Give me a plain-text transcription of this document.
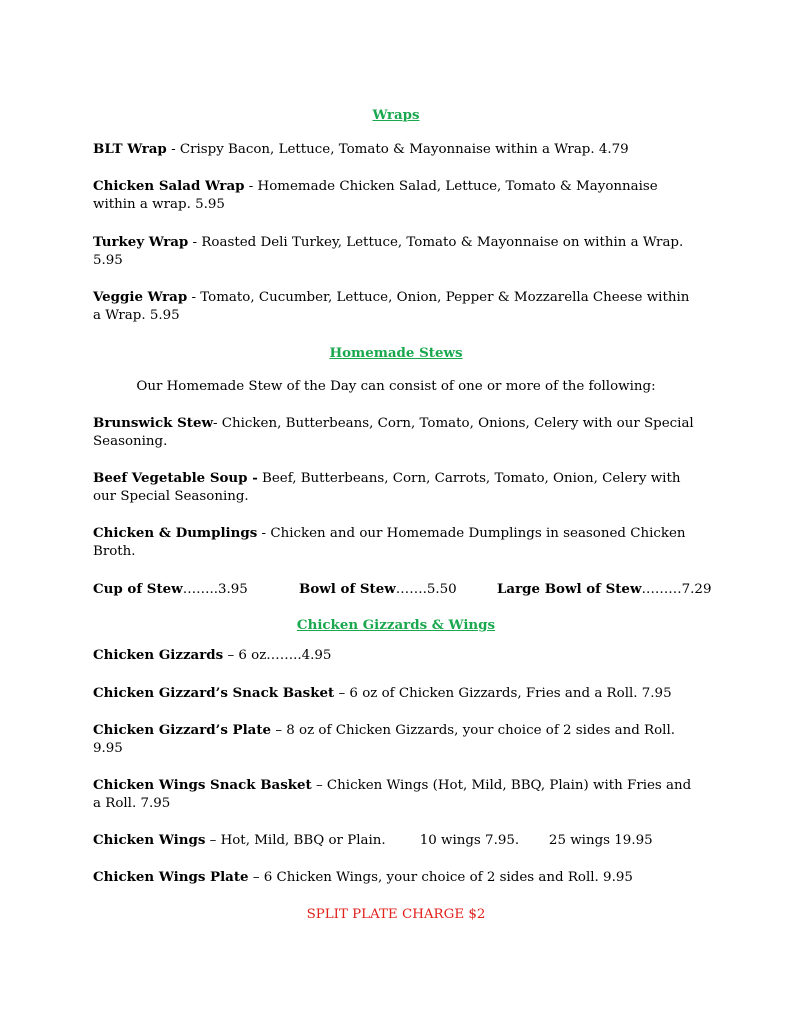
Wraps

BLT Wrap - Crispy Bacon, Lettuce, Tomato & Mayonnaise within a Wrap. 4.79

Chicken Salad Wrap - Homemade Chicken Salad, Lettuce, Tomato & Mayonnaise within a wrap. 5.95

Turkey Wrap - Roasted Deli Turkey, Lettuce, Tomato & Mayonnaise on within a Wrap. 5.95

Veggie Wrap - Tomato, Cucumber, Lettuce, Onion, Pepper & Mozzarella Cheese within a Wrap. 5.95

Homemade Stews

Our Homemade Stew of the Day can consist of one or more of the following:

Brunswick Stew- Chicken, Butterbeans, Corn, Tomato, Onions, Celery with our Special Seasoning.

Beef Vegetable Soup - Beef, Butterbeans, Corn, Carrots, Tomato, Onion, Celery with our Special Seasoning.

Chicken & Dumplings - Chicken and our Homemade Dumplings in seasoned Chicken Broth.

Cup of Stew……..3.95	Bowl of Stew…….5.50	Large Bowl of Stew………7.29

Chicken Gizzards & Wings

Chicken Gizzards – 6 oz……..4.95

Chicken Gizzard’s Snack Basket – 6 oz of Chicken Gizzards, Fries and a Roll. 7.95

Chicken Gizzard’s Plate – 8 oz of Chicken Gizzards, your choice of 2 sides and Roll. 9.95

Chicken Wings Snack Basket – Chicken Wings (Hot, Mild, BBQ, Plain) with Fries and a Roll. 7.95

Chicken Wings – Hot, Mild, BBQ or Plain.        10 wings 7.95.       25 wings 19.95

Chicken Wings Plate – 6 Chicken Wings, your choice of 2 sides and Roll. 9.95

SPLIT PLATE CHARGE $2
